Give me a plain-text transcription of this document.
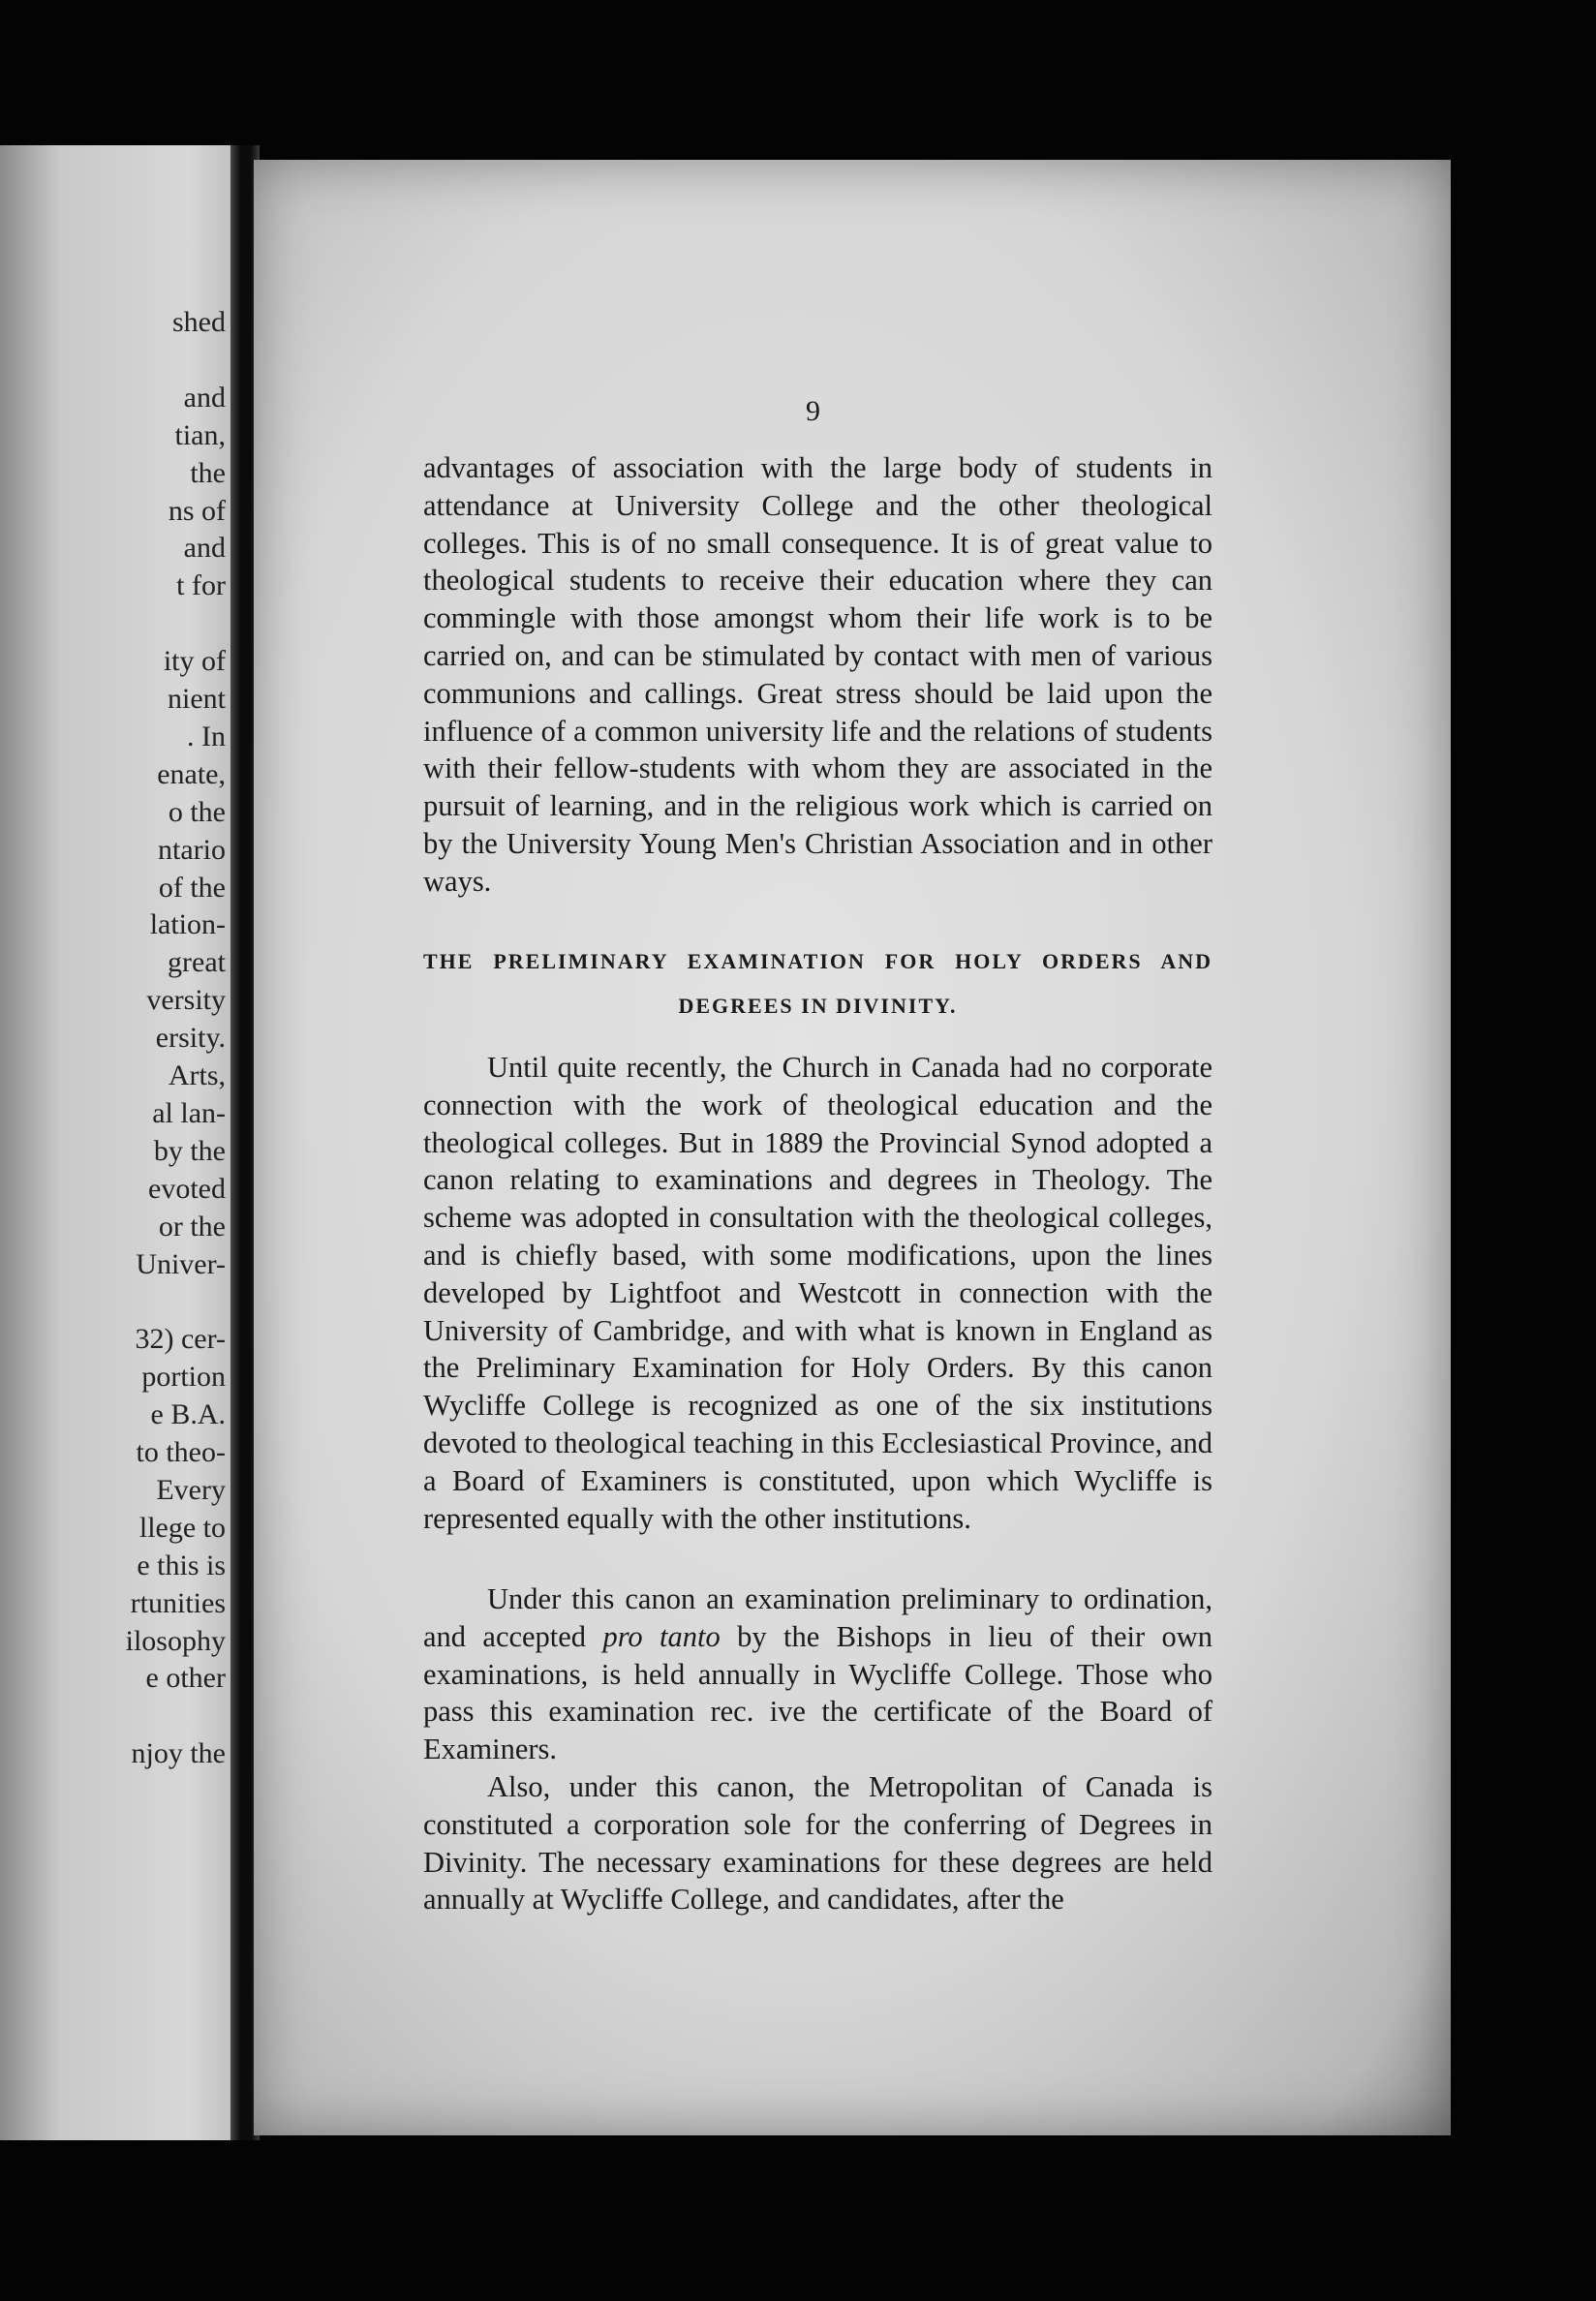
shed
and
tian,
the
ns of
and
t for
ity of
nient
. In
enate,
o the
ntario
of the
lation-
great
versity
ersity.
Arts,
al lan-
by the
evoted
or the
Univer-
32) cer-
portion
e B.A.
to theo-
Every
llege to
e this is
rtunities
ilosophy
e other
njoy the
9

advantages of association with the large body of students in attendance at University College and the other theological colleges. This is of no small consequence. It is of great value to theological students to receive their education where they can commingle with those amongst whom their life work is to be carried on, and can be stimulated by contact with men of various communions and callings. Great stress should be laid upon the influence of a common university life and the relations of students with their fellow-students with whom they are associated in the pursuit of learning, and in the religious work which is carried on by the University Young Men's Christian Association and in other ways.

THE PRELIMINARY EXAMINATION FOR HOLY ORDERS AND
DEGREES IN DIVINITY.

Until quite recently, the Church in Canada had no corporate connection with the work of theological education and the theological colleges. But in 1889 the Provincial Synod adopted a canon relating to examinations and degrees in Theology. The scheme was adopted in consultation with the theological colleges, and is chiefly based, with some modifications, upon the lines developed by Lightfoot and Westcott in connection with the University of Cambridge, and with what is known in England as the Preliminary Examination for Holy Orders. By this canon Wycliffe College is recognized as one of the six institutions devoted to theological teaching in this Ecclesiastical Province, and a Board of Examiners is constituted, upon which Wycliffe is represented equally with the other institutions.

Under this canon an examination preliminary to ordination, and accepted pro tanto by the Bishops in lieu of their own examinations, is held annually in Wycliffe College. Those who pass this examination rec. ive the certificate of the Board of Examiners.

Also, under this canon, the Metropolitan of Canada is constituted a corporation sole for the conferring of Degrees in Divinity. The necessary examinations for these degrees are held annually at Wycliffe College, and candidates, after the
